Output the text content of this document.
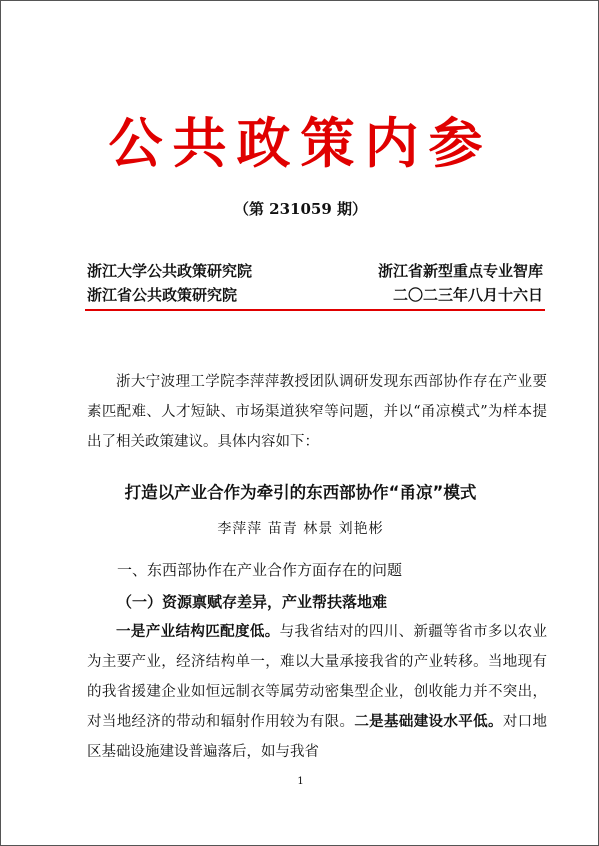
公共政策内参
（第 231059 期）
浙江大学公共政策研究院	浙江省新型重点专业智库
浙江省公共政策研究院	二〇二三年八月十六日
浙大宁波理工学院李萍萍教授团队调研发现东西部协作存在产业要素匹配难、人才短缺、市场渠道狭窄等问题，并以“甬凉模式”为样本提出了相关政策建议。具体内容如下：
打造以产业合作为牵引的东西部协作“甬凉”模式
李萍萍 苗青 林景 刘艳彬
一、东西部协作在产业合作方面存在的问题
（一）资源禀赋存差异，产业帮扶落地难
一是产业结构匹配度低。与我省结对的四川、新疆等省市多以农业为主要产业，经济结构单一，难以大量承接我省的产业转移。当地现有的我省援建企业如恒远制衣等属劳动密集型企业，创收能力并不突出，对当地经济的带动和辐射作用较为有限。二是基础建设水平低。对口地区基础设施建设普遍落后，如与我省
1
